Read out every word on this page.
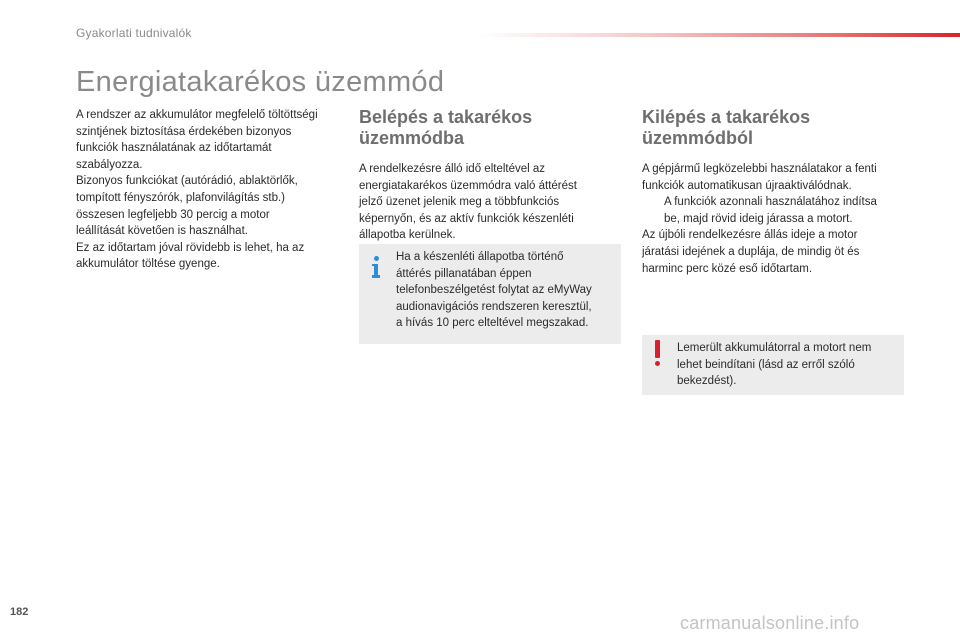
Gyakorlati tudnivalók
Energiatakarékos üzemmód

A rendszer az akkumulátor megfelelő töltöttségi

szintjének biztosítása érdekében bizonyos

funkciók használatának az időtartamát

szabályozza.

Bizonyos funkciókat (autórádió, ablaktörlők,

tompított fényszórók, plafonvilágítás stb.)

összesen legfeljebb 30 percig a motor

leállítását követően is használhat.

Ez az időtartam jóval rövidebb is lehet, ha az

akkumulátor töltése gyenge.

Belépés a takarékos
üzemmódba

A rendelkezésre álló idő elteltével az

energiatakarékos üzemmódra való áttérést

jelző üzenet jelenik meg a többfunkciós

képernyőn, és az aktív funkciók készenléti

állapotba kerülnek.

Ha a készenléti állapotba történő
áttérés pillanatában éppen
telefonbeszélgetést folytat az eMyWay
audionavigációs rendszeren keresztül,
a hívás 10 perc elteltével megszakad.
Kilépés a takarékos
üzemmódból

A gépjármű legközelebbi használatakor a fenti

funkciók automatikusan újraaktiválódnak.

A funkciók azonnali használatához indítsa
be, majd rövid ideig járassa a motort.

Az újbóli rendelkezésre állás ideje a motor

járatási idejének a duplája, de mindig öt és

harminc perc közé eső időtartam.

Lemerült akkumulátorral a motort nem
lehet beindítani (lásd az erről szóló
bekezdést).
182
carmanualsonline.info
